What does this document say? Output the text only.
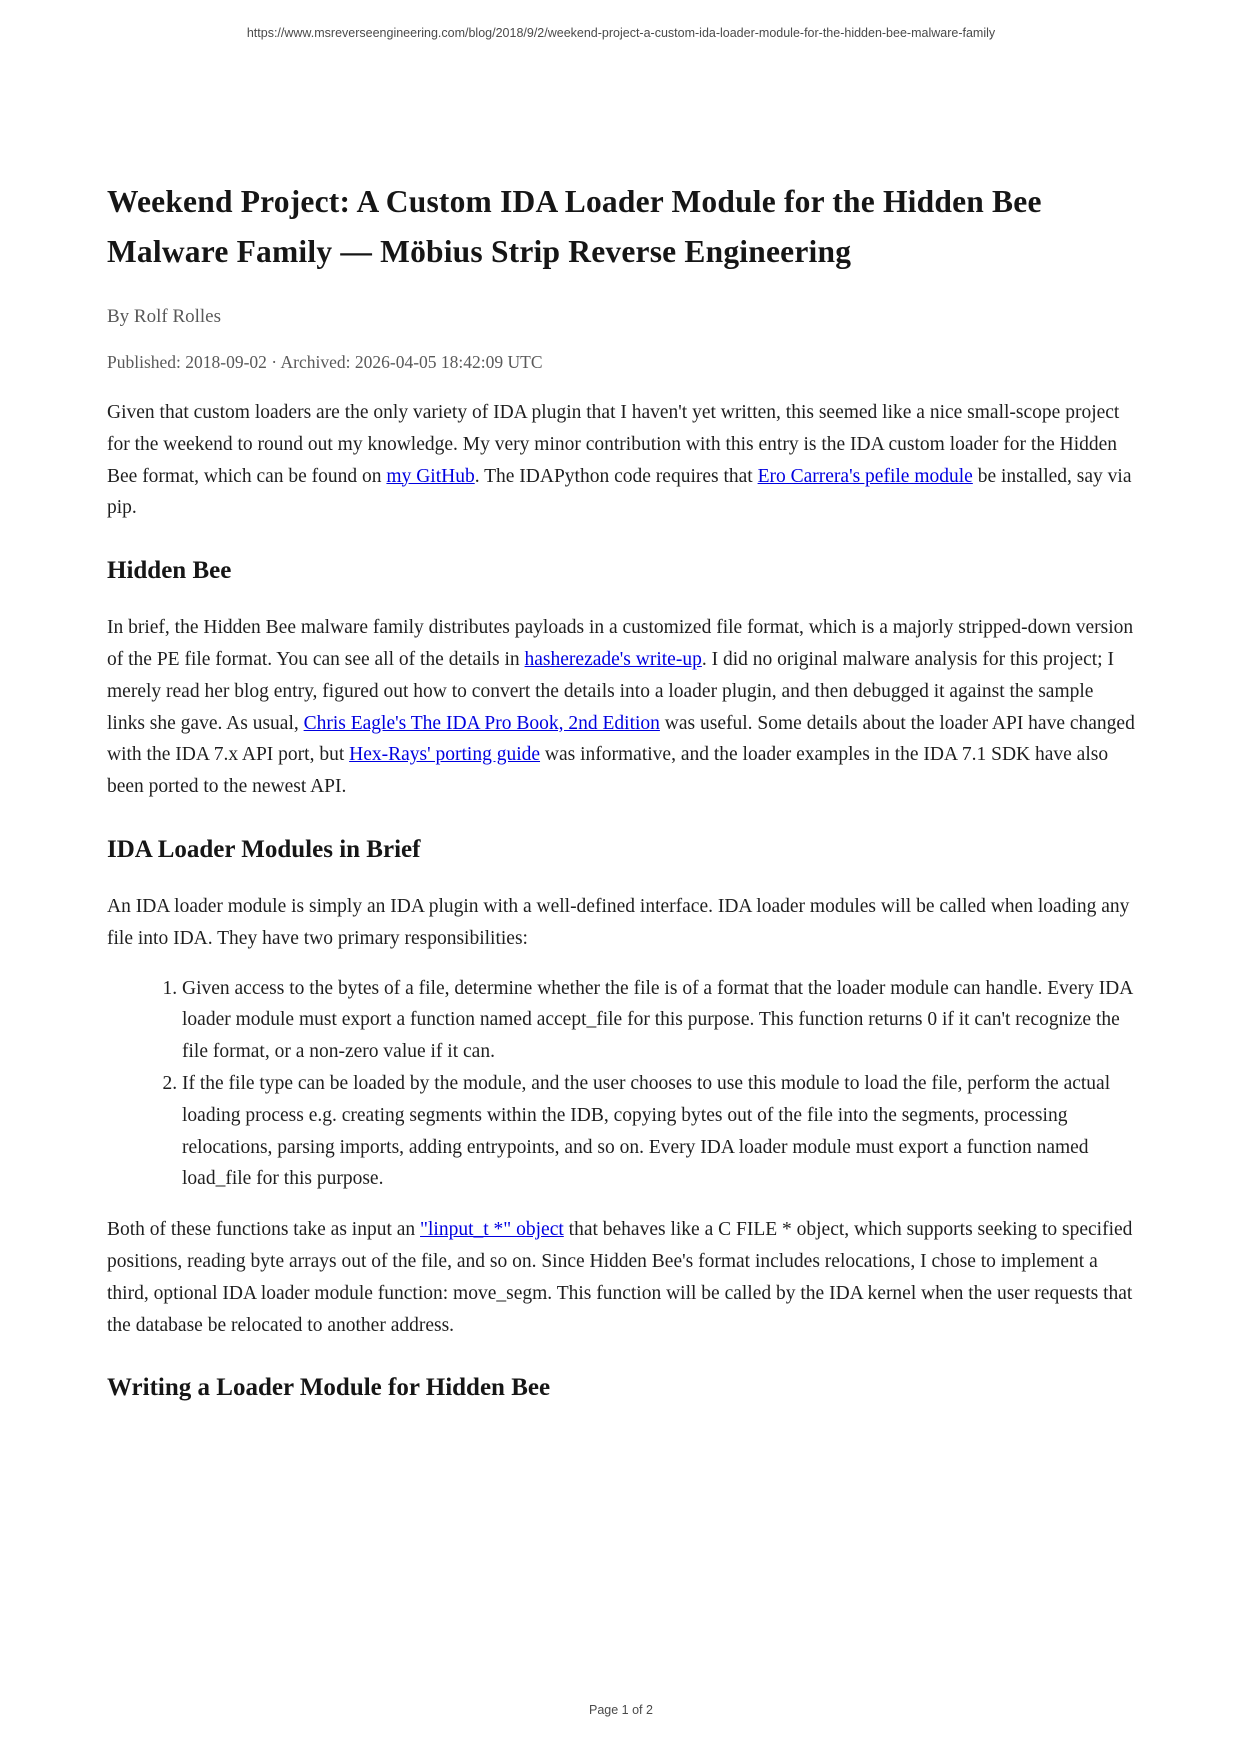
https://www.msreverseengineering.com/blog/2018/9/2/weekend-project-a-custom-ida-loader-module-for-the-hidden-bee-malware-family
Weekend Project: A Custom IDA Loader Module for the Hidden Bee Malware Family — Möbius Strip Reverse Engineering
By Rolf Rolles
Published: 2018-09-02 · Archived: 2026-04-05 18:42:09 UTC

Given that custom loaders are the only variety of IDA plugin that I haven't yet written, this seemed like a nice small-scope project for the weekend to round out my knowledge. My very minor contribution with this entry is the IDA custom loader for the Hidden Bee format, which can be found on my GitHub. The IDAPython code requires that Ero Carrera's pefile module be installed, say via pip.

Hidden Bee

In brief, the Hidden Bee malware family distributes payloads in a customized file format, which is a majorly stripped-down version of the PE file format. You can see all of the details in hasherezade's write-up. I did no original malware analysis for this project; I merely read her blog entry, figured out how to convert the details into a loader plugin, and then debugged it against the sample links she gave. As usual, Chris Eagle's The IDA Pro Book, 2nd Edition was useful. Some details about the loader API have changed with the IDA 7.x API port, but Hex-Rays' porting guide was informative, and the loader examples in the IDA 7.1 SDK have also been ported to the newest API.

IDA Loader Modules in Brief

An IDA loader module is simply an IDA plugin with a well-defined interface. IDA loader modules will be called when loading any file into IDA. They have two primary responsibilities:

1. Given access to the bytes of a file, determine whether the file is of a format that the loader module can handle. Every IDA loader module must export a function named accept_file for this purpose. This function returns 0 if it can't recognize the file format, or a non-zero value if it can.
2. If the file type can be loaded by the module, and the user chooses to use this module to load the file, perform the actual loading process e.g. creating segments within the IDB, copying bytes out of the file into the segments, processing relocations, parsing imports, adding entrypoints, and so on. Every IDA loader module must export a function named load_file for this purpose.

Both of these functions take as input an "linput_t *" object that behaves like a C FILE * object, which supports seeking to specified positions, reading byte arrays out of the file, and so on. Since Hidden Bee's format includes relocations, I chose to implement a third, optional IDA loader module function: move_segm. This function will be called by the IDA kernel when the user requests that the database be relocated to another address.

Writing a Loader Module for Hidden Bee
Page 1 of 2
